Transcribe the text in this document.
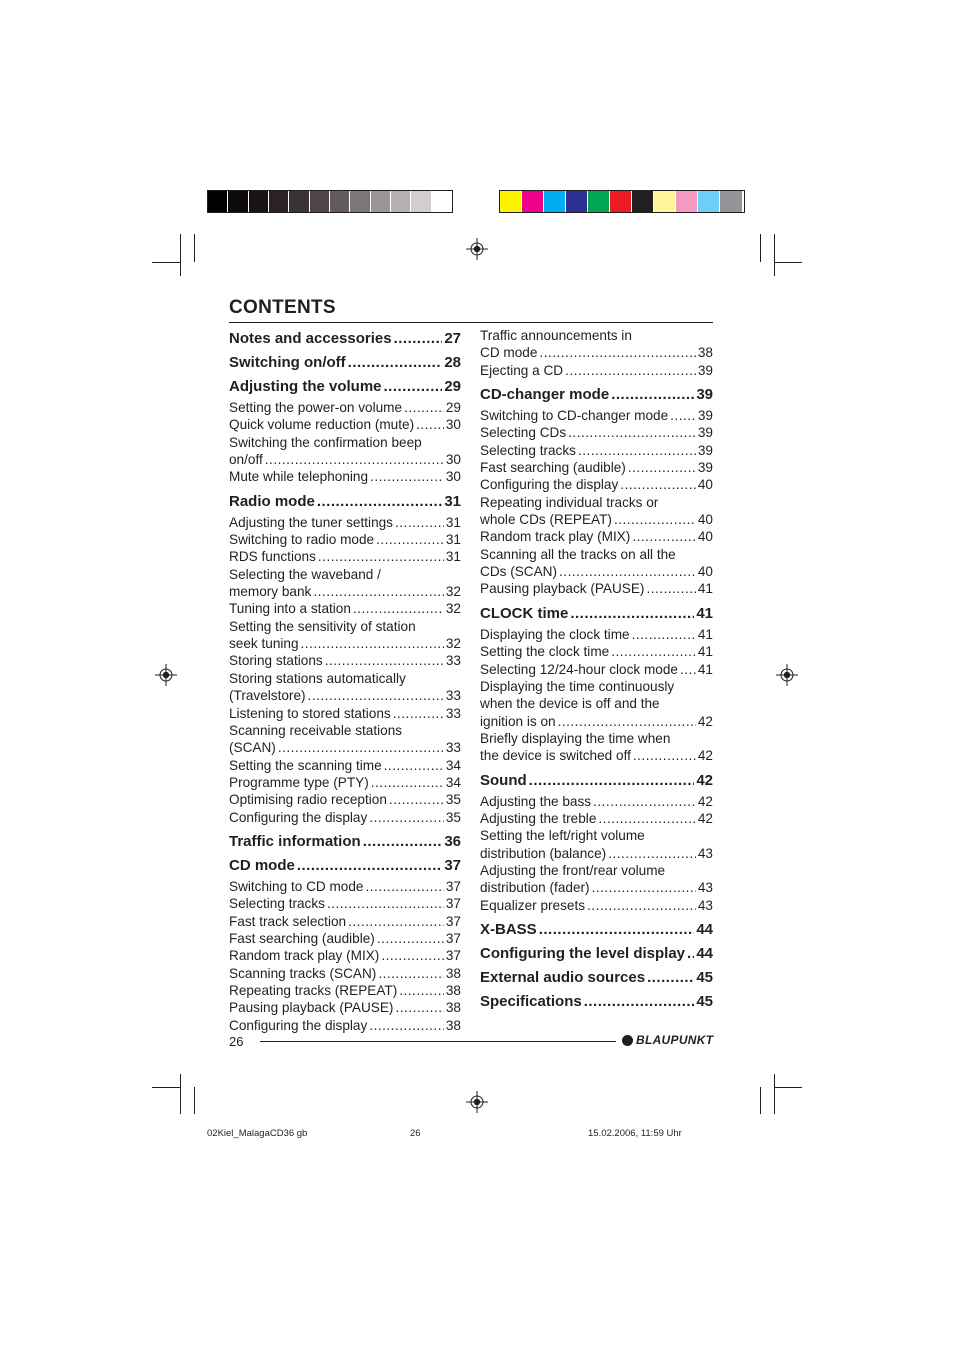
CONTENTS
Notes and accessories .....	27
Switching on/off .....	28
Adjusting the volume .....	29
Setting the power-on volume .....	29
Quick volume reduction (mute) ..... 30
Switching the confirmation beep
on/off .....	30
Mute while telephoning .....	30
Radio mode .....	31
Adjusting the tuner settings .....	31
Switching to radio mode .....	31
RDS functions .....	31
Selecting the waveband /
memory bank .....	32
Tuning into a station .....	32
Setting the sensitivity of station
seek tuning .....	32
Storing stations .....	33
Storing stations automatically
(Travelstore) .....	33
Listening to stored stations .....	33
Scanning receivable stations
(SCAN) .....	33
Setting the scanning time .....	34
Programme type (PTY) .....	34
Optimising radio reception .....	35
Configuring the display .....	35
Traffic information .....	36
CD mode .....	37
Switching to CD mode .....	37
Selecting tracks .....	37
Fast track selection .....	37
Fast searching (audible) .....	37
Random track play (MIX) .....	37
Scanning tracks (SCAN) .....	38
Repeating tracks (REPEAT) .....	38
Pausing playback (PAUSE) .....	38
Configuring the display .....	38
Traffic announcements in
CD mode .....	38
Ejecting a CD .....	39
CD-changer mode .....	39
Switching to CD-changer mode ..... 39
Selecting CDs .....	39
Selecting tracks .....	39
Fast searching (audible) .....	39
Configuring the display .....	40
Repeating individual tracks or
whole CDs (REPEAT) .....	40
Random track play (MIX) .....	40
Scanning all the tracks on all the
CDs (SCAN) .....	40
Pausing playback (PAUSE) .....	41
CLOCK time .....	41
Displaying the clock time .....	41
Setting the clock time .....	41
Selecting 12/24-hour clock mode ..... 41
Displaying the time continuously
when the device is off and the
ignition is on .....	42
Briefly displaying the time when
the device is switched off .....	42
Sound .....	42
Adjusting the bass .....	42
Adjusting the treble .....	42
Setting the left/right volume
distribution (balance) .....	43
Adjusting the front/rear volume
distribution (fader) .....	43
Equalizer presets .....	43
X-BASS .....	44
Configuring the level display ..... 44
External audio sources .....	45
Specifications .....	45
26	BLAUPUNKT
02Kiel_MalagaCD36 gb	26	15.02.2006, 11:59 Uhr
